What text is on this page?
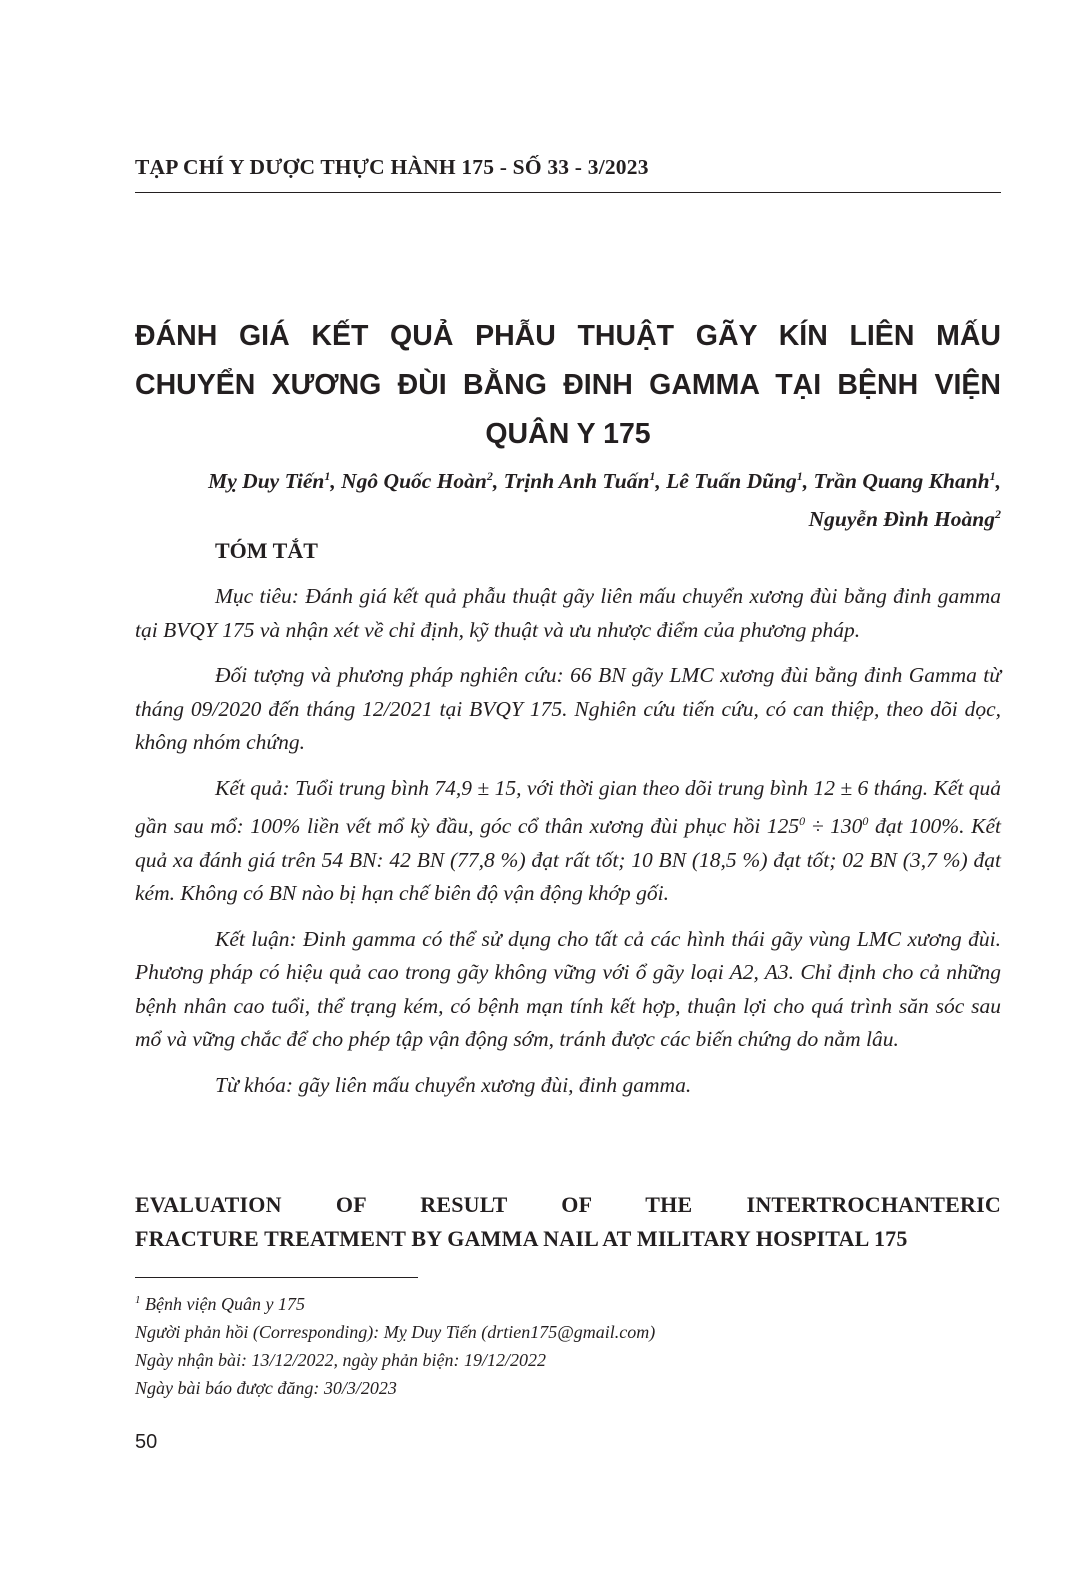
TẠP CHÍ Y DƯỢC THỰC HÀNH 175 - SỐ 33 - 3/2023
ĐÁNH GIÁ KẾT QUẢ PHẪU THUẬT GÃY KÍN LIÊN MẤU CHUYỂN XƯƠNG ĐÙI BẰNG ĐINH GAMMA TẠI BỆNH VIỆN QUÂN Y 175
Mỵ Duy Tiến$^1$, Ngô Quốc Hoàn$^2$, Trịnh Anh Tuấn$^1$, Lê Tuấn Dũng$^1$, Trần Quang Khanh$^1$, Nguyễn Đình Hoàng$^2$
TÓM TẮT

Mục tiêu: Đánh giá kết quả phẫu thuật gãy liên mấu chuyển xương đùi bằng đinh gamma tại BVQY 175 và nhận xét về chỉ định, kỹ thuật và ưu nhược điểm của phương pháp.

Đối tượng và phương pháp nghiên cứu: 66 BN gãy LMC xương đùi bằng đinh Gamma từ tháng 09/2020 đến tháng 12/2021 tại BVQY 175. Nghiên cứu tiến cứu, có can thiệp, theo dõi dọc, không nhóm chứng.

Kết quả: Tuổi trung bình 74,9 ± 15, với thời gian theo dõi trung bình 12 ± 6 tháng. Kết quả gần sau mổ: 100% liền vết mổ kỳ đầu, góc cổ thân xương đùi phục hồi $125^0 \div 130^0$ đạt 100%. Kết quả xa đánh giá trên 54 BN: 42 BN (77,8 %) đạt rất tốt; 10 BN (18,5 %) đạt tốt; 02 BN (3,7 %) đạt kém. Không có BN nào bị hạn chế biên độ vận động khớp gối.

Kết luận: Đinh gamma có thể sử dụng cho tất cả các hình thái gãy vùng LMC xương đùi. Phương pháp có hiệu quả cao trong gãy không vững với ổ gãy loại A2, A3. Chỉ định cho cả những bệnh nhân cao tuổi, thể trạng kém, có bệnh mạn tính kết hợp, thuận lợi cho quá trình săn sóc sau mổ và vững chắc để cho phép tập vận động sớm, tránh được các biến chứng do nằm lâu.

Từ khóa: gãy liên mấu chuyển xương đùi, đinh gamma.

EVALUATION OF RESULT OF THE INTERTROCHANTERIC
FRACTURE TREATMENT BY GAMMA NAIL AT MILITARY HOSPITAL 175
$^1$ Bệnh viện Quân y 175
Người phản hồi (Corresponding): Mỵ Duy Tiến (drtien175@gmail.com)
Ngày nhận bài: 13/12/2022, ngày phản biện: 19/12/2022
Ngày bài báo được đăng: 30/3/2023
50
